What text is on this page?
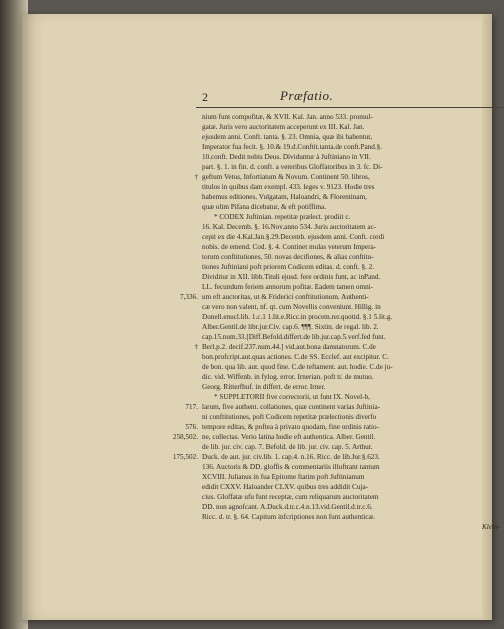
2	Præfatio.
nium funt compofitæ, & XVII. Kal. Jan. anno 533. promul-
gatæ. Juris vero auctoritatem acceperunt ex III. Kal. Jan.
ejusdem anni. Conft. tanta. §. 23. Omnia, quæ ibi habentur,
Imperator fua fecit. §. 10.& 19.d.Conftit.tanta.de conft.Pand.§.
10.conft. Dedit nobis Deus. Dividuntur à Juftiniano in VII.
part. §. 1. in fin. d. conft. a veteribus Gloffatoribus in 3. fc. Di-
geftum Vetus, Infortiatum & Novum. Continent 50. libros,
titulos in quibus dam exempl. 433. leges v. 9123. Hodie tres
habemus editiones, Vulgatam, Haloandri, & Florentinam,
quæ olim Pifana dicebatur, & eft potiffima.
* CODEX Juftinian. repetitæ prælect. prodiit c.
16. Kal. Decemb. §. 16.Nov.anno 534. Juris auctoritatem ac-
cepit ex die 4.Kal.Jan.§.29.Decemb. ejusdem anni. Conft. cordi
nobis. de emend. Cod. §. 4. Continet mulas veterum Impera-
torum conftitutiones, 50. novas decifiones, & alias conftitu-
tiones Juftiniani poft priorem Codicem editas. d. conft. §. 2.
Dividitur in XII. libb.Tituli ejusd. fere ordinis funt, ac inPand.
LL. fecundum feriem annorum pofitæ. Eadem tamen omni-
um eft auctoritas, ut & Friderici conftitutionum. Authenti-
cæ vero non valent, nf. qt. cum Novellis conveniunt. Hillig. in
Donell.enucl.lib. 1.c.1 1.lit.e.Ricc.in procem.rer.quotid. §.1 5.lit.g.
Alber.Gentil.de libr.jur.Civ. cap.6. ¶¶¶. Sixtin. de regal. lib. 2.
cap.15.num.33.[Diff.Befold.differt.de lib.jur.cap.5.verf.fed funt.
Berl.p.2. decif.237.num.44.] vid.aut.bona damnatorum. C.de
bon.profcript.aut.quas actiones. C.de SS. Ecclef. aut excipitur. C.
de bon. qua lib. aut. quod fine. C.de teftament. aut. hodie. C.de ju-
dic. vid. Wiffenb. in fylog. error. Irnerian. poft tr. de mutuo.
Georg. Ritterfhuf. in differt. de error. Irner.
* SUPPLETORII five correctorii, ut funt IX. Novel-b,
larum, five authent. collationes, quæ continent varias Juftinia-
ni conftitutiones, poft Codicem repetitæ prælectionis diverfo
tempore editas, & poftea à privato quodam, fine ordinis ratio-
ne, collectas. Verio latina hodie eft authentica. Alber. Gentil.
de lib. jur. civ. cap. 7. Befold. de lib. jur. civ. cap. 5. Arthur.
Duck. de aut. jur. civ.lib. 1. cap.4. n.16. Ricc. de lib.Jur.§.623.
136. Auctoris & DD. gloffis & commentariis illuftrant tantum
XCVIII. Julianus in fua Epitome ftatim poft Juftinianum
edidit CXXV. Haloander CLXV. quibus tres addidit Cuja-
cius. Gloffatæ ufu funt receptæ, cum reliquarum auctoritatem
DD. non agnofcant. A.Duck.d.tr.c.4.n.13.vid.Gentil.d.tr.c.6.
Ricc. d. tr. §. 64. Capitum infcriptiones non funt authenticæ.
†
†
7,336.
717.
576.
258,502.
175,502.
Klein-
